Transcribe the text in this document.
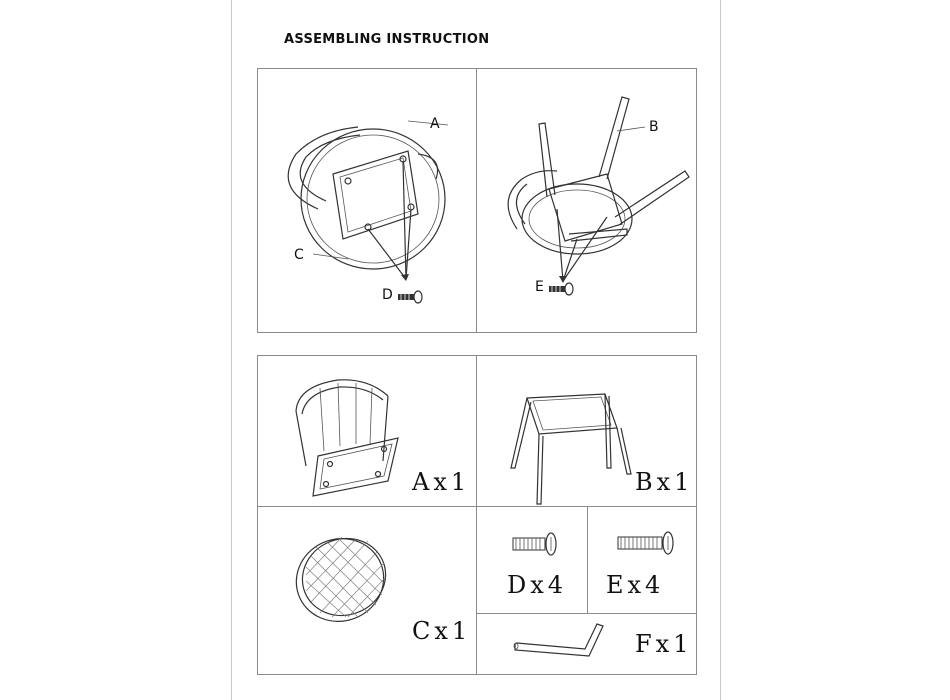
ASSEMBLING INSTRUCTION
A
C
D
B
E
Ax1	Bx1
Cx1
Dx4 Ex4
Fx1
